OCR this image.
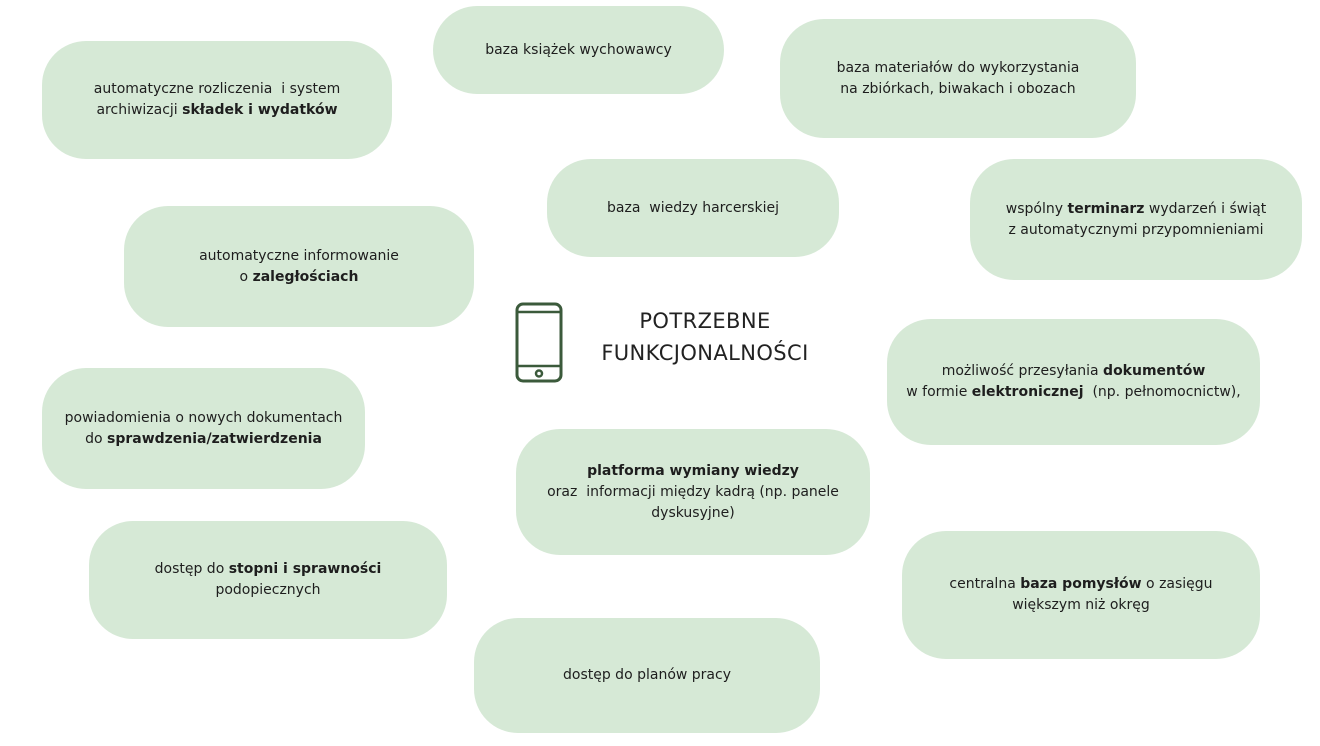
POTRZEBNE
FUNKCJONALNOŚCI
automatyczne rozliczenia  i system
archiwizacji składek i wydatków
baza książek wychowawcy
baza materiałów do wykorzystania
na zbiórkach, biwakach i obozach
baza  wiedzy harcerskiej	wspólny terminarz wydarzeń i świąt
z automatycznymi przypomnieniami
automatyczne informowanie
o zaległościach
możliwość przesyłania dokumentów
w formie elektronicznej  (np. pełnomocnictw),
powiadomienia o nowych dokumentach
do sprawdzenia/zatwierdzenia
platforma wymiany wiedzy
oraz  informacji między kadrą (np. panele
dyskusyjne)
dostęp do stopni i sprawności
podopiecznych	centralna baza pomysłów o zasięgu
większym niż okręg
dostęp do planów pracy
